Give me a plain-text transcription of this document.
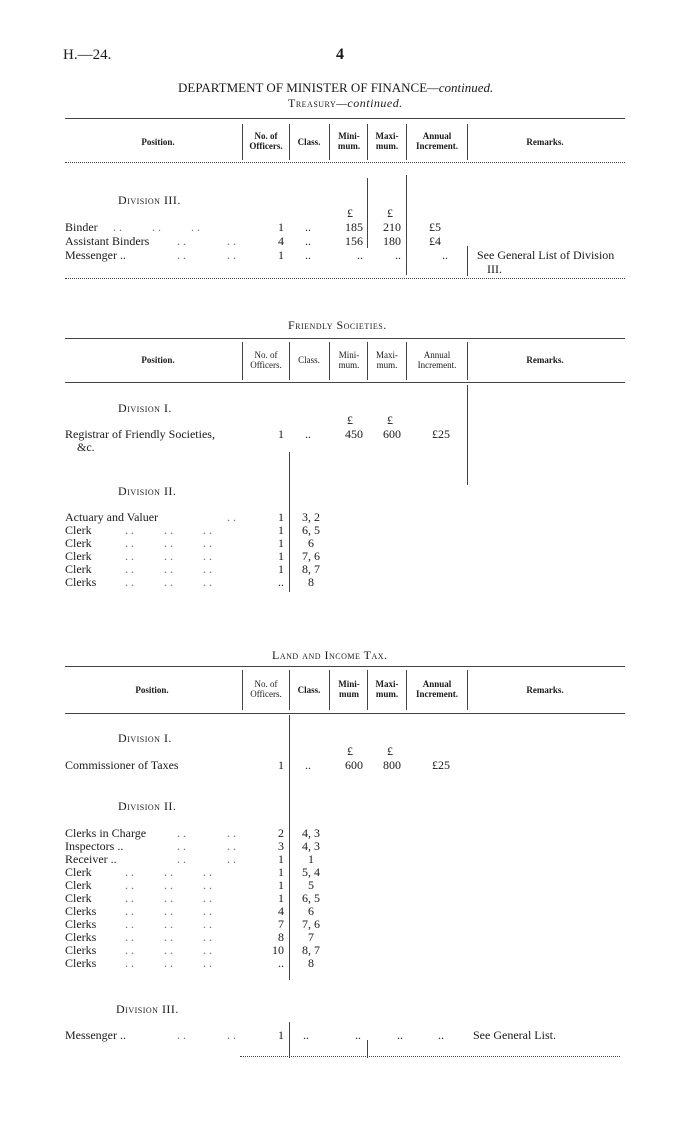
H.—24.	4
DEPARTMENT OF MINISTER OF FINANCE—continued.
Treasury—continued.
Position.
No. of Officers.	Class.
Mini- mum.
Maxi- mum.
Annual Increment.	Remarks.
Division III.
£	£
Binder . .          . .          . .	1 ..	185	210	£5
Assistant Binders . .	. .	4 ..	156	180	£4
Messenger ..	. .	. .	1 ..	..	..	..	See General List of Division
III.
Friendly Societies.
Position.	No. of Officers.	Class.	Mini- mum.
Maxi- mum.
Annual Increment.	Remarks.
Division I.
£	£
Registrar of Friendly Societies,
&c.
1 ..	450	600	£25
Division II.
Actuary and Valuer	. .	1	3, 2
Clerk	. .          . .          . .	1	6, 5
Clerk	. .          . .          . .	1	6
Clerk	. .          . .          . .	1	7, 6
Clerk	. .          . .          . .	1	8, 7
Clerks . .          . .          . .	..	8
Land and Income Tax.
Position.
No. of Officers.	Class.
Mini- mum
Maxi- mum.
Annual Increment.	Remarks.
Division I.
£	£
Commissioner of Taxes	1 ..	600	800	£25
Division II.
Clerks in Charge	. .	. .	2	4, 3
Inspectors ..	. .	. .	3	4, 3
Receiver ..	. .	. .	1	1
Clerk	. .          . .          . .	1	5, 4
Clerk	. .          . .          . .	1	5
Clerk	. .          . .          . .	1	6, 5
Clerks . .          . .          . .	4	6
Clerks . .          . .          . .	7	7, 6
Clerks . .          . .          . .	8	7
Clerks . .          . .          . .	10	8, 7
Clerks . .          . .          . .	..	8
Division III.
Messenger ..	. .	. .	1 ..	..	..	..	See General List.
